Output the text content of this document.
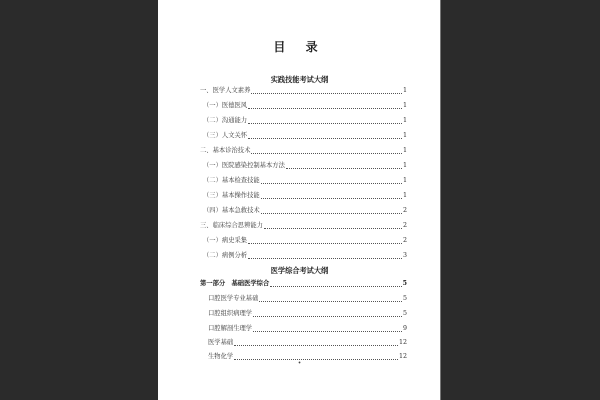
目 录
实践技能考试大纲
一、医学人文素养	1
（一）医德医风	1
（二）沟通能力	1
（三）人文关怀	1
二、基本诊治技术	1
（一）医院感染控制基本方法	1
（二）基本检查技能	1
（三）基本操作技能	1
（四）基本急救技术	2
三、临床综合思辨能力	2
（一）病史采集	2
（二）病例分析	3
医学综合考试大纲
第一部分　基础医学综合	5
口腔医学专业基础	5
口腔组织病理学	5
口腔解剖生理学	9
医学基础	12
生物化学	12
•
